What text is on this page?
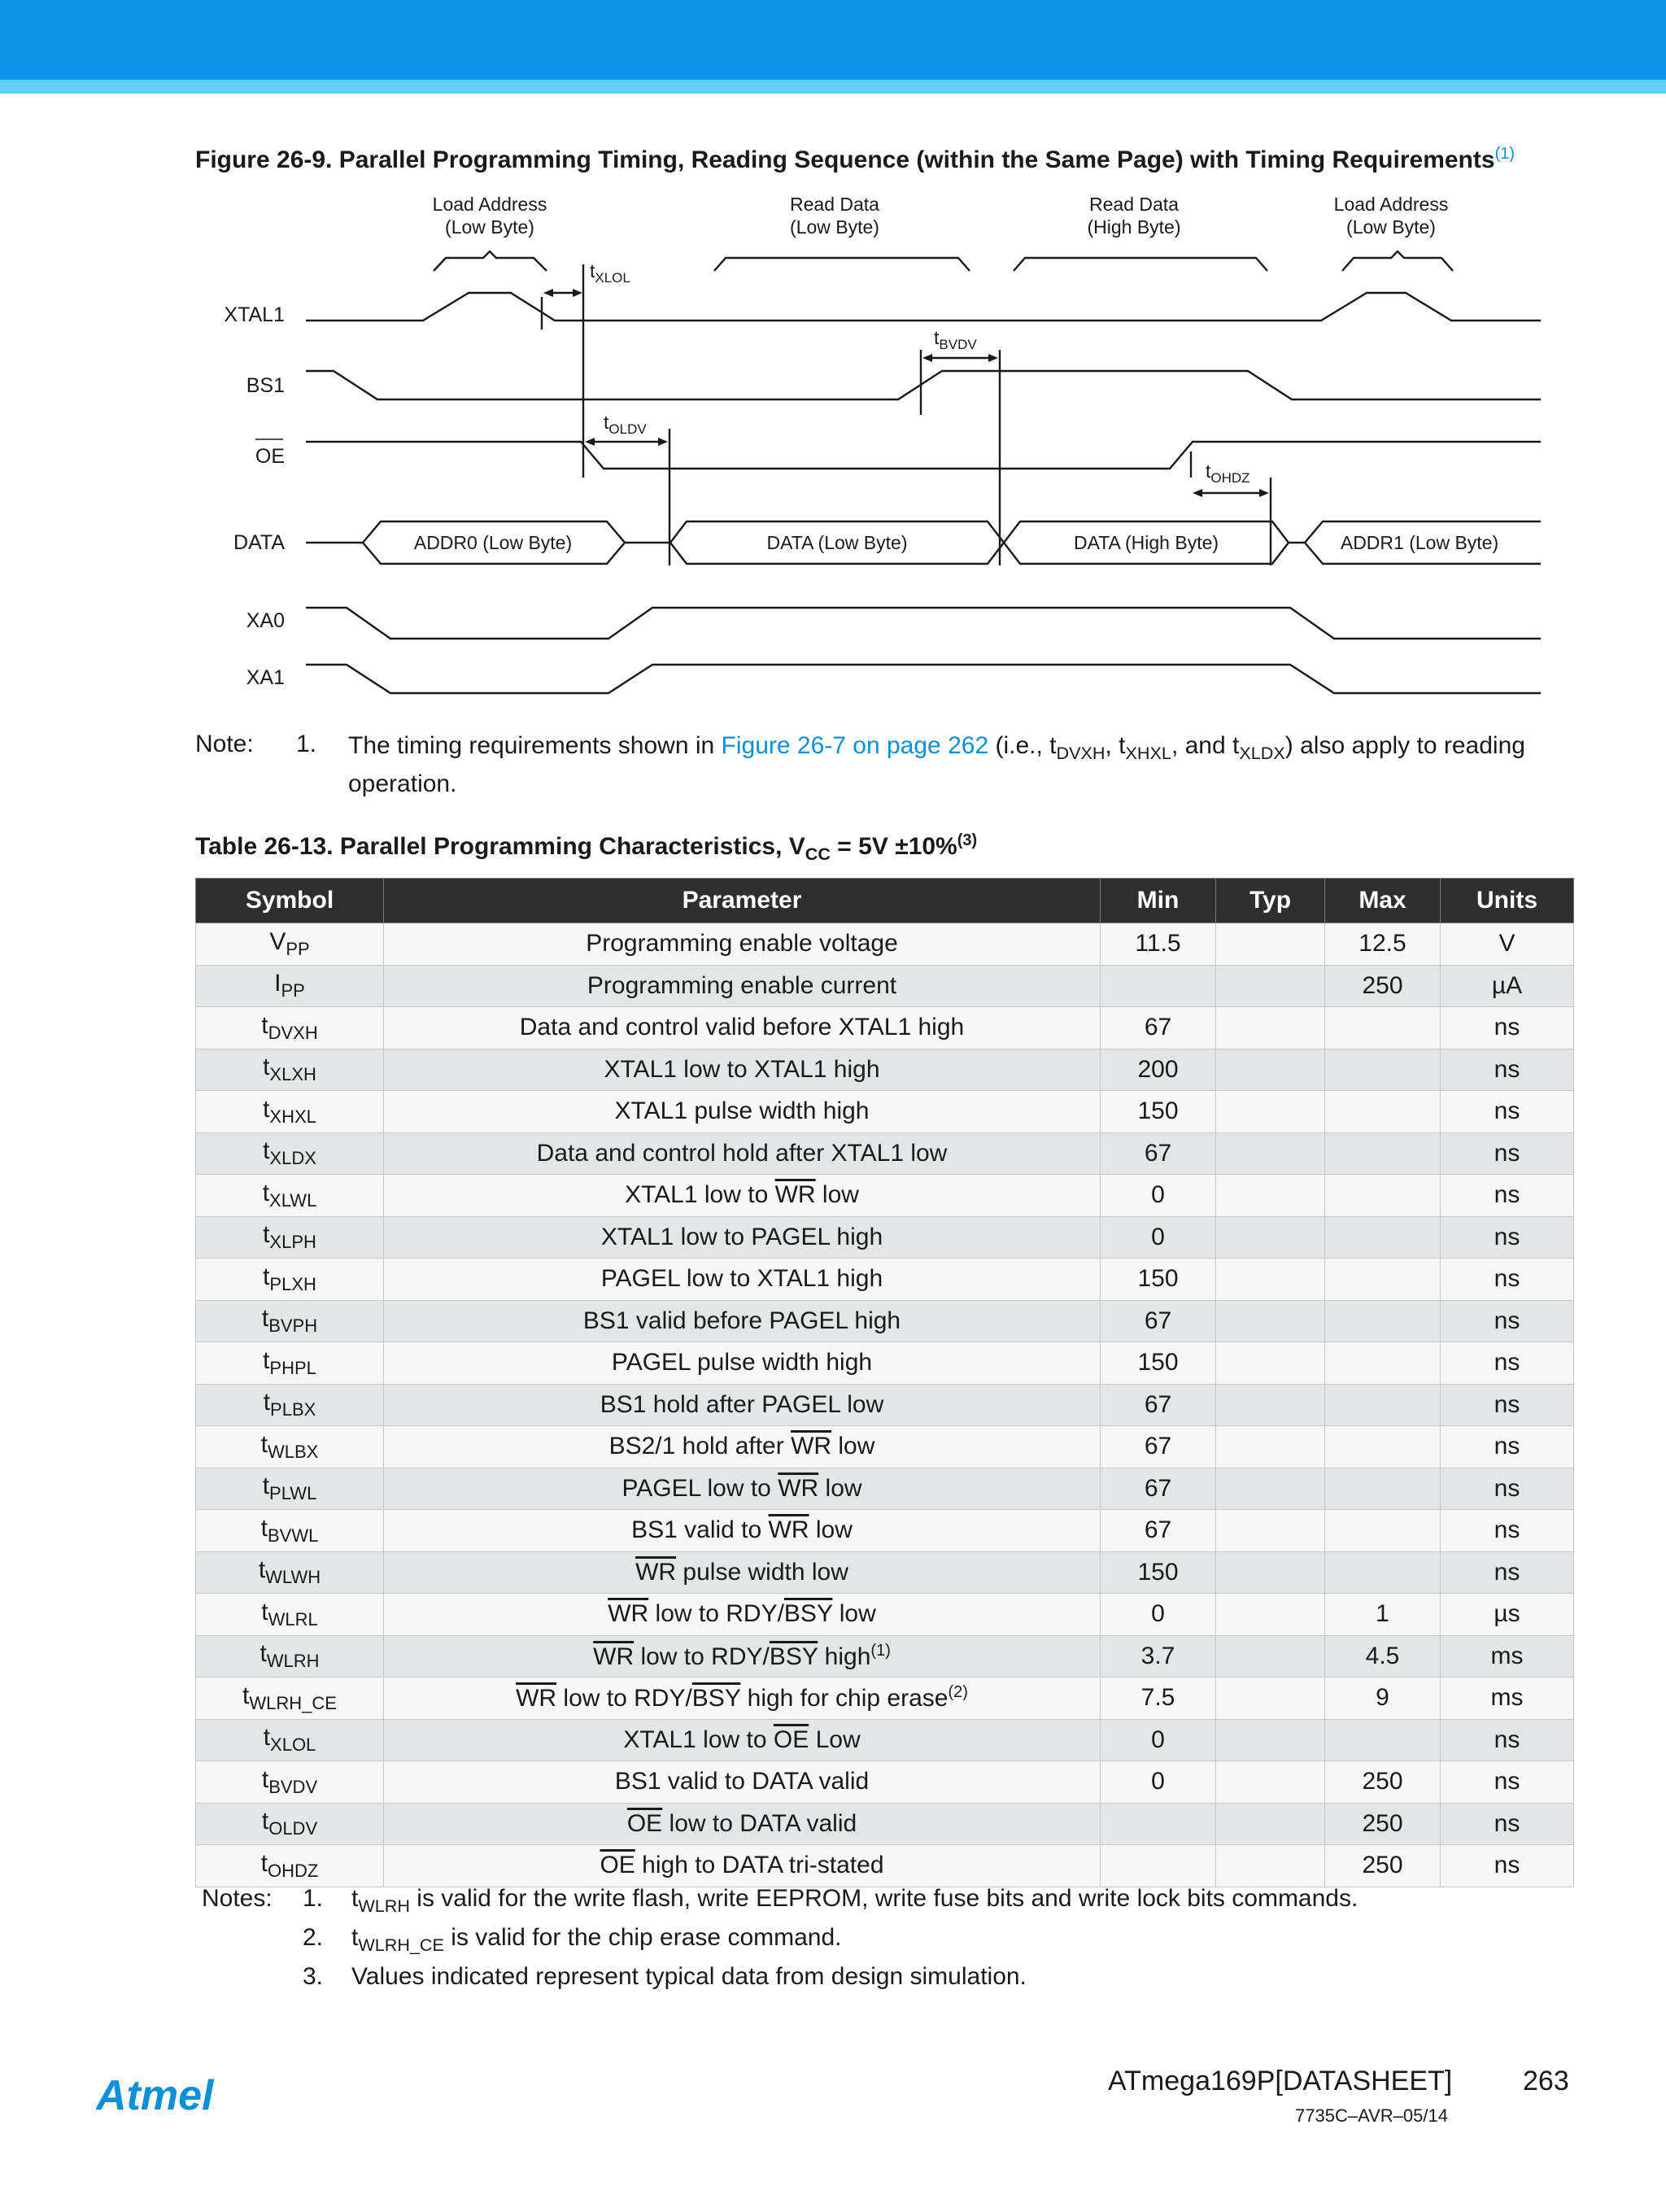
Figure 26-9. Parallel Programming Timing, Reading Sequence (within the Same Page) with Timing Requirements$^{(1)}$
Load Address
(Low Byte)
Read Data
(Low Byte)
Read Data
(High Byte)
Load Address
(Low Byte)
XTAL1
BS1
OE
DATA
XA0
XA1
ADDR0 (Low Byte)	DATA (Low Byte)	DATA (High Byte)	ADDR1 (Low Byte)
$t_{XLOL}$
$t_{BVDV}$
$t_{OLDV}$
$t_{OHDZ}$
Note: 1. The timing requirements shown in Figure 26-7 on page 262 (i.e., $t_{DVXH}$, $t_{XHXL}$, and $t_{XLDX}$) also apply to reading operation.
Table 26-13. Parallel Programming Characteristics, $V_{CC} = 5V \pm 10\%^{(3)}$
Symbol	Parameter	Min	Typ	Max	Units
$V_{PP}$	Programming enable voltage	11.5		12.5	V
$I_{PP}$	Programming enable current			250	µA
$t_{DVXH}$	Data and control valid before XTAL1 high	67			ns
$t_{XLXH}$	XTAL1 low to XTAL1 high	200			ns
$t_{XHXL}$	XTAL1 pulse width high	150			ns
$t_{XLDX}$	Data and control hold after XTAL1 low	67			ns
$t_{XLWL}$	XTAL1 low to $\overline{WR}$ low	0			ns
$t_{XLPH}$	XTAL1 low to PAGEL high	0			ns
$t_{PLXH}$	PAGEL low to XTAL1 high	150			ns
$t_{BVPH}$	BS1 valid before PAGEL high	67			ns
$t_{PHPL}$	PAGEL pulse width high	150			ns
$t_{PLBX}$	BS1 hold after PAGEL low	67			ns
$t_{WLBX}$	BS2/1 hold after $\overline{WR}$ low	67			ns
$t_{PLWL}$	PAGEL low to $\overline{WR}$ low	67			ns
$t_{BVWL}$	BS1 valid to $\overline{WR}$ low	67			ns
$t_{WLWH}$	$\overline{WR}$ pulse width low	150			ns
$t_{WLRL}$	$\overline{WR}$ low to RDY/$\overline{BSY}$ low	0		1	µs
$t_{WLRH}$	$\overline{WR}$ low to RDY/$\overline{BSY}$ high$^{(1)}$	3.7		4.5	ms
$t_{WLRH\_CE}$	$\overline{WR}$ low to RDY/$\overline{BSY}$ high for chip erase$^{(2)}$	7.5		9	ms
$t_{XLOL}$	XTAL1 low to $\overline{OE}$ Low	0			ns
$t_{BVDV}$	BS1 valid to DATA valid	0		250	ns
$t_{OLDV}$	$\overline{OE}$ low to DATA valid			250	ns
$t_{OHDZ}$	$\overline{OE}$ high to DATA tri-stated			250	ns
Notes: 1. $t_{WLRH}$ is valid for the write flash, write EEPROM, write fuse bits and write lock bits commands.
2. $t_{WLRH\_CE}$ is valid for the chip erase command.
3. Values indicated represent typical data from design simulation.
Atmel	ATmega169P[DATASHEET]	263
7735C–AVR–05/14
